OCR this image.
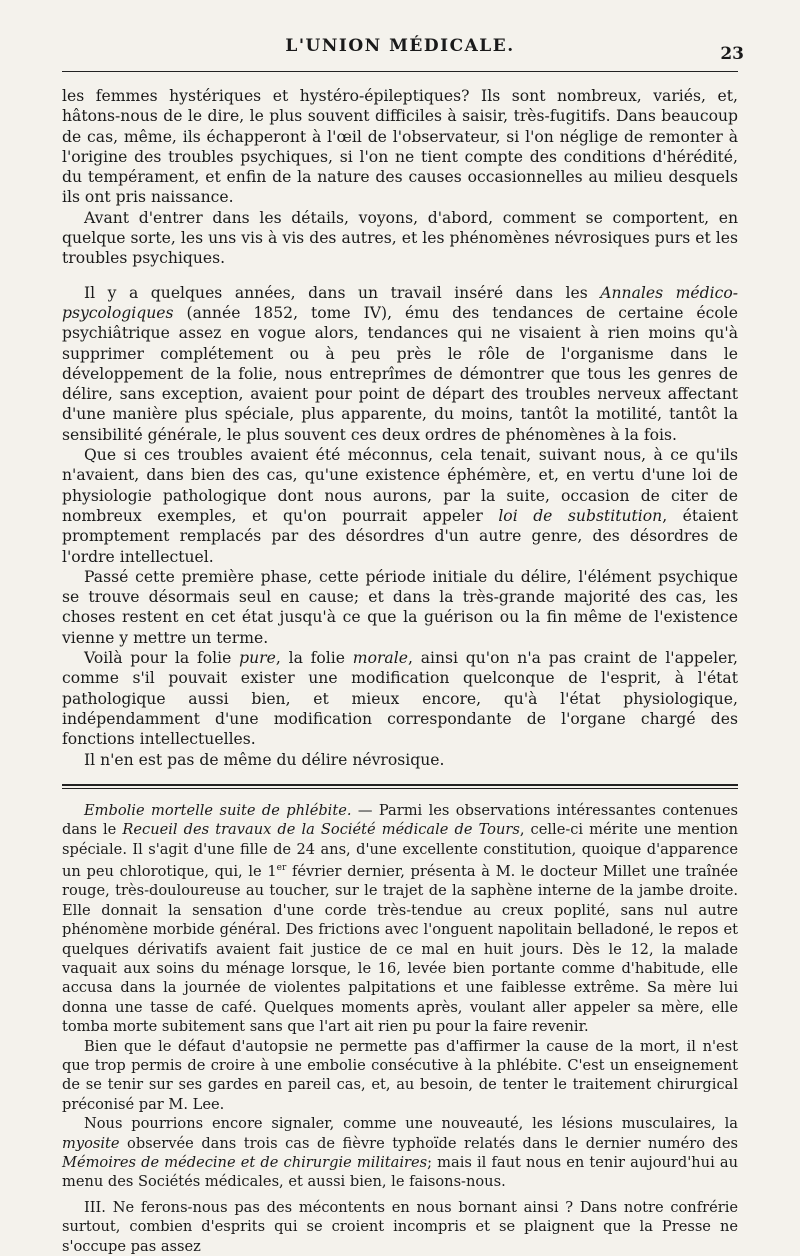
L'UNION MÉDICALE.	23

les femmes hystériques et hystéro-épileptiques? Ils sont nombreux, variés, et, hâtons-nous de le dire, le plus souvent difficiles à saisir, très-fugitifs. Dans beaucoup de cas, même, ils échapperont à l'œil de l'observateur, si l'on néglige de remonter à l'origine des troubles psychiques, si l'on ne tient compte des conditions d'hérédité, du tempérament, et enfin de la nature des causes occasionnelles au milieu desquels ils ont pris naissance.

Avant d'entrer dans les détails, voyons, d'abord, comment se comportent, en quelque sorte, les uns vis à vis des autres, et les phénomènes névrosiques purs et les troubles psychiques.

Il y a quelques années, dans un travail inséré dans les Annales médico-psycologiques (année 1852, tome IV), ému des tendances de certaine école psychiâtrique assez en vogue alors, tendances qui ne visaient à rien moins qu'à supprimer complétement ou à peu près le rôle de l'organisme dans le développement de la folie, nous entreprîmes de démontrer que tous les genres de délire, sans exception, avaient pour point de départ des troubles nerveux affectant d'une manière plus spéciale, plus apparente, du moins, tantôt la motilité, tantôt la sensibilité générale, le plus souvent ces deux ordres de phénomènes à la fois.

Que si ces troubles avaient été méconnus, cela tenait, suivant nous, à ce qu'ils n'avaient, dans bien des cas, qu'une existence éphémère, et, en vertu d'une loi de physiologie pathologique dont nous aurons, par la suite, occasion de citer de nombreux exemples, et qu'on pourrait appeler loi de substitution, étaient promptement remplacés par des désordres d'un autre genre, des désordres de l'ordre intellectuel.

Passé cette première phase, cette période initiale du délire, l'élément psychique se trouve désormais seul en cause; et dans la très-grande majorité des cas, les choses restent en cet état jusqu'à ce que la guérison ou la fin même de l'existence vienne y mettre un terme.

Voilà pour la folie pure, la folie morale, ainsi qu'on n'a pas craint de l'appeler, comme s'il pouvait exister une modification quelconque de l'esprit, à l'état pathologique aussi bien, et mieux encore, qu'à l'état physiologique, indépendamment d'une modification correspondante de l'organe chargé des fonctions intellectuelles.

Il n'en est pas de même du délire névrosique.

Embolie mortelle suite de phlébite. — Parmi les observations intéressantes contenues dans le Recueil des travaux de la Société médicale de Tours, celle-ci mérite une mention spéciale. Il s'agit d'une fille de 24 ans, d'une excellente constitution, quoique d'apparence un peu chlorotique, qui, le 1er février dernier, présenta à M. le docteur Millet une traînée rouge, très-douloureuse au toucher, sur le trajet de la saphène interne de la jambe droite. Elle donnait la sensation d'une corde très-tendue au creux poplité, sans nul autre phénomène morbide général. Des frictions avec l'onguent napolitain belladoné, le repos et quelques dérivatifs avaient fait justice de ce mal en huit jours. Dès le 12, la malade vaquait aux soins du ménage lorsque, le 16, levée bien portante comme d'habitude, elle accusa dans la journée de violentes palpitations et une faiblesse extrême. Sa mère lui donna une tasse de café. Quelques moments après, voulant aller appeler sa mère, elle tomba morte subitement sans que l'art ait rien pu pour la faire revenir.

Bien que le défaut d'autopsie ne permette pas d'affirmer la cause de la mort, il n'est que trop permis de croire à une embolie consécutive à la phlébite. C'est un enseignement de se tenir sur ses gardes en pareil cas, et, au besoin, de tenter le traitement chirurgical préconisé par M. Lee.

Nous pourrions encore signaler, comme une nouveauté, les lésions musculaires, la myosite observée dans trois cas de fièvre typhoïde relatés dans le dernier numéro des Mémoires de médecine et de chirurgie militaires; mais il faut nous en tenir aujourd'hui au menu des Sociétés médicales, et aussi bien, le faisons-nous.

III. Ne ferons-nous pas des mécontents en nous bornant ainsi ? Dans notre confrérie surtout, combien d'esprits qui se croient incompris et se plaignent que la Presse ne s'occupe pas assez
